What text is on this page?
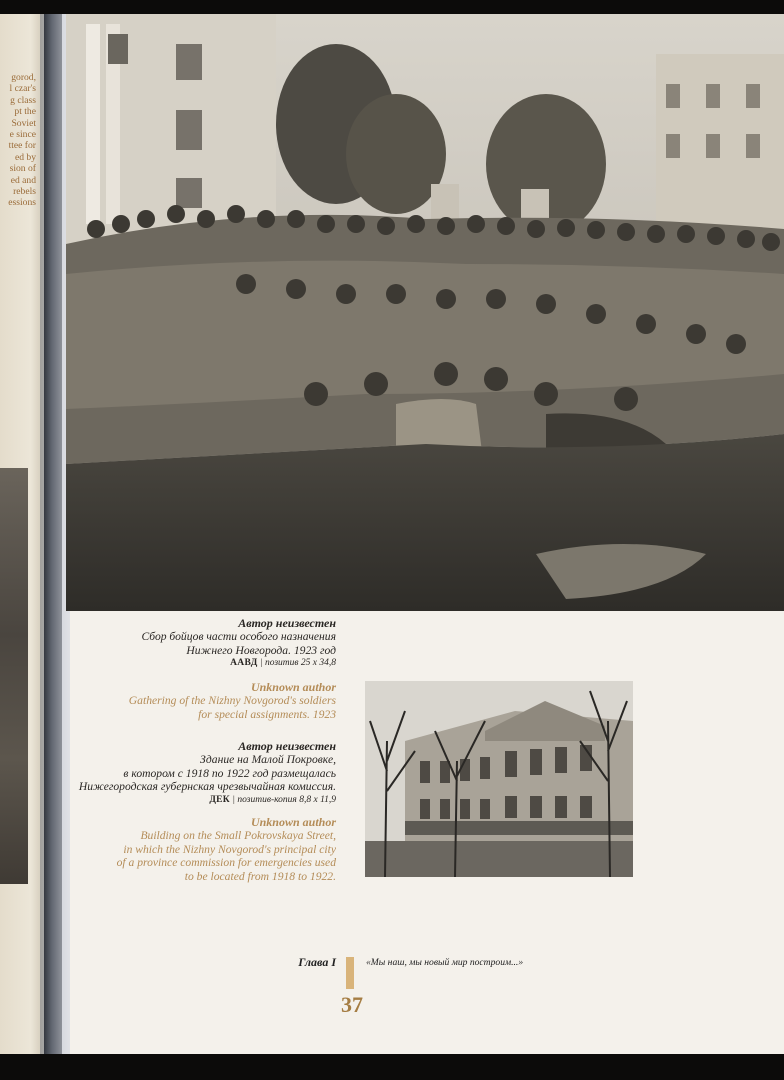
gorod,
l czar's
g class
pt the
Soviet
e since
ttee for
ed by
sion of
ed and
rebels
essions
Автор неизвестен
Сбор бойцов части особого назначения
Нижнего Новгорода. 1923 год
АAВД | позитив 25 х 34,8
Unknown author
Gathering of the Nizhny Novgorod's soldiers
for special assignments. 1923
Автор неизвестен
Здание на Малой Покровке,
в котором с 1918 по 1922 год размещалась
Нижегородская губернская чрезвычайная комиссия.
ДЕК | позитив-копия 8,8 х 11,9
Unknown author
Building on the Small Pokrovskaya Street,
in which the Nizhny Novgorod's principal city
of a province commission for emergencies used
to be located from 1918 to 1922.
Глава I	«Мы наш, мы новый мир построим...»
37
